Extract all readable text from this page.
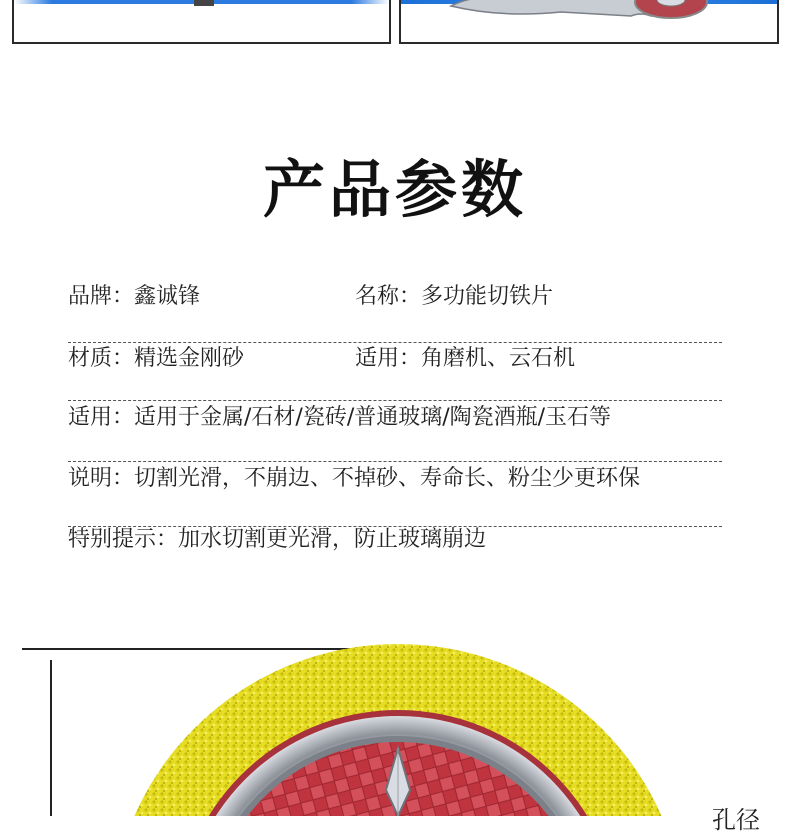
产品参数
品牌：鑫诚锋	名称：多功能切铁片
材质：精选金刚砂	适用：角磨机、云石机
适用：适用于金属/石材/瓷砖/普通玻璃/陶瓷酒瓶/玉石等
说明：切割光滑，不崩边、不掉砂、寿命长、粉尘少更环保
特别提示：加水切割更光滑，防止玻璃崩边
孔径
